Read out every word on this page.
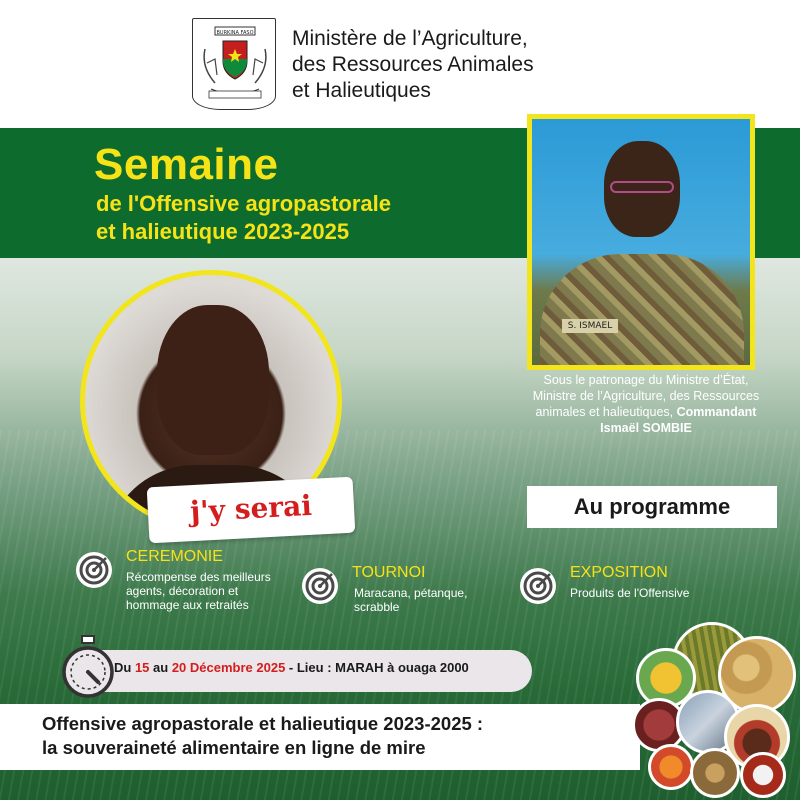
BURKINA FASO Ministère de l’Agriculture,
des Ressources Animales
et Halieutiques
Semaine
de l'Offensive agropastorale
et halieutique 2023-2025
S. ISMAEL
Sous le patronage du Ministre d’État,
Ministre de l’Agriculture, des Ressources
animales et halieutiques, Commandant
Ismaël SOMBIE
j'y serai	Au programme
CEREMONIE
Récompense des meilleurs
agents, décoration et
hommage aux retraités
TOURNOI
Maracana, pétanque,
scrabble
EXPOSITION
Produits de l'Offensive
Du 15 au 20 Décembre 2025 - Lieu : MARAH à ouaga 2000
Offensive agropastorale et halieutique 2023-2025 :
la souveraineté alimentaire en ligne de mire
